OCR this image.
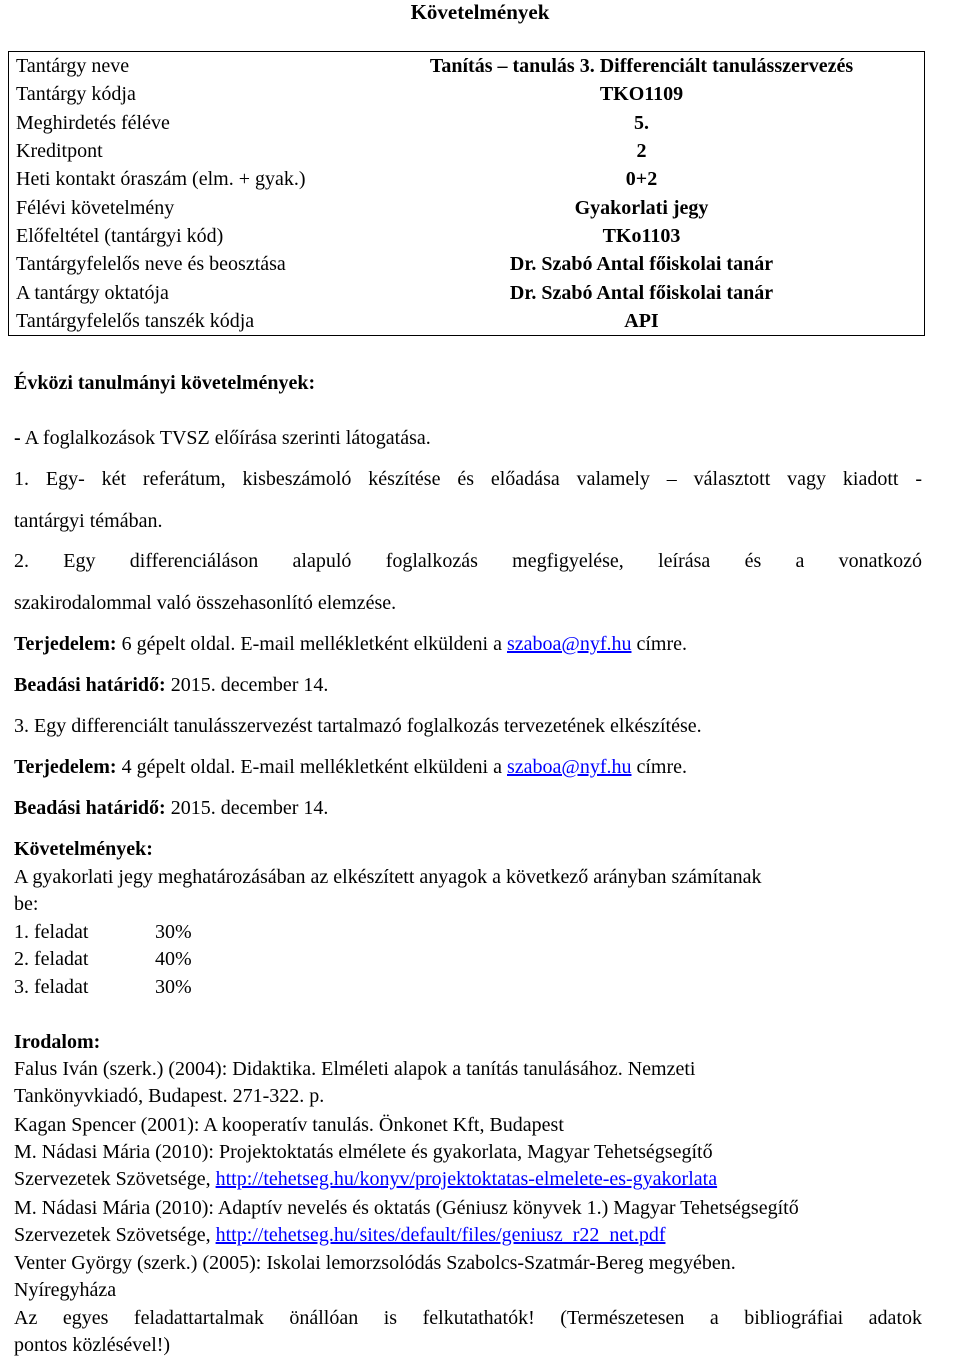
Követelmények
Tantárgy neve	Tanítás – tanulás 3. Differenciált tanulásszervezés
Tantárgy kódja	TKO1109
Meghirdetés féléve	5.
Kreditpont	2
Heti kontakt óraszám (elm. + gyak.)	0+2
Félévi követelmény	Gyakorlati jegy
Előfeltétel (tantárgyi kód)	TKo1103
Tantárgyfelelős neve és beosztása	Dr. Szabó Antal főiskolai tanár
A tantárgy oktatója	Dr. Szabó Antal főiskolai tanár
Tantárgyfelelős tanszék kódja	API
Évközi tanulmányi követelmények:
- A foglalkozások TVSZ előírása szerinti látogatása.
1. Egy- két referátum, kisbeszámoló készítése és előadása valamely – választott vagy kiadott -
tantárgyi témában.
2. Egy differenciáláson alapuló foglalkozás megfigyelése, leírása és a vonatkozó
szakirodalommal való összehasonlító elemzése.
Terjedelem: 6 gépelt oldal. E-mail mellékletként elküldeni a szaboa@nyf.hu címre.
Beadási határidő: 2015. december 14.
3. Egy differenciált tanulásszervezést tartalmazó foglalkozás tervezetének elkészítése.
Terjedelem: 4 gépelt oldal. E-mail mellékletként elküldeni a szaboa@nyf.hu címre.
Beadási határidő: 2015. december 14.
Követelmények:
A gyakorlati jegy meghatározásában az elkészített anyagok a következő arányban számítanak
be:
1. feladat	30%
2. feladat	40%
3. feladat	30%
Irodalom:
Falus Iván (szerk.) (2004): Didaktika. Elméleti alapok a tanítás tanulásához. Nemzeti
Tankönyvkiadó, Budapest. 271-322. p.
Kagan Spencer (2001): A kooperatív tanulás. Önkonet Kft, Budapest
M. Nádasi Mária (2010): Projektoktatás elmélete és gyakorlata, Magyar Tehetségsegítő
Szervezetek Szövetsége, http://tehetseg.hu/konyv/projektoktatas-elmelete-es-gyakorlata
M. Nádasi Mária (2010): Adaptív nevelés és oktatás (Géniusz könyvek 1.) Magyar Tehetségsegítő
Szervezetek Szövetsége, http://tehetseg.hu/sites/default/files/geniusz_r22_net.pdf
Venter György (szerk.) (2005): Iskolai lemorzsolódás Szabolcs-Szatmár-Bereg megyében.
Nyíregyháza
Az egyes feladattartalmak önállóan is felkutathatók! (Természetesen a bibliográfiai adatok
pontos közlésével!)
